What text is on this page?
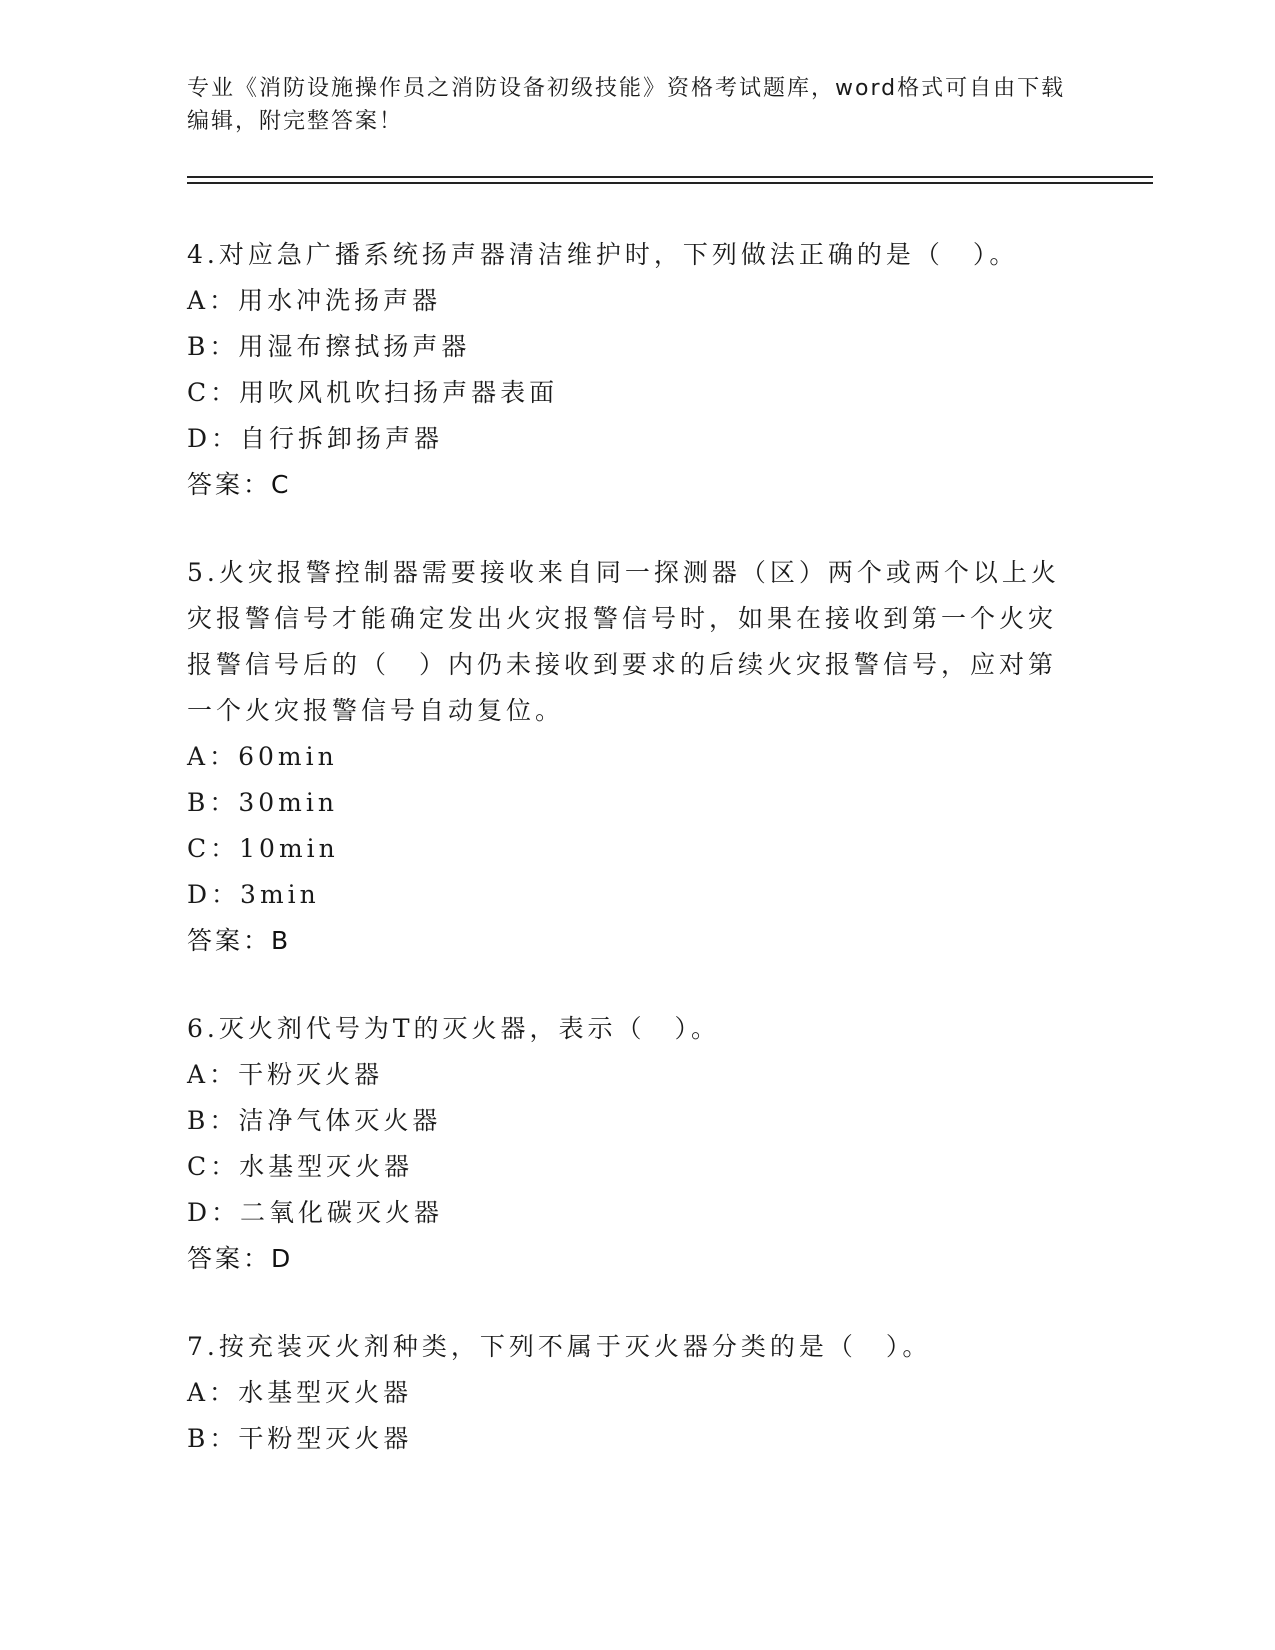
专业《消防设施操作员之消防设备初级技能》资格考试题库，word格式可自由下载编辑，附完整答案！
4.对应急广播系统扬声器清洁维护时，下列做法正确的是（　）。
A：用水冲洗扬声器
B：用湿布擦拭扬声器
C：用吹风机吹扫扬声器表面
D：自行拆卸扬声器
答案：C
5.火灾报警控制器需要接收来自同一探测器（区）两个或两个以上火灾报警信号才能确定发出火灾报警信号时，如果在接收到第一个火灾报警信号后的（　）内仍未接收到要求的后续火灾报警信号，应对第一个火灾报警信号自动复位。
A：60min
B：30min
C：10min
D：3min
答案：B
6.灭火剂代号为T的灭火器，表示（　）。
A：干粉灭火器
B：洁净气体灭火器
C：水基型灭火器
D：二氧化碳灭火器
答案：D
7.按充装灭火剂种类，下列不属于灭火器分类的是（　）。
A：水基型灭火器
B：干粉型灭火器
